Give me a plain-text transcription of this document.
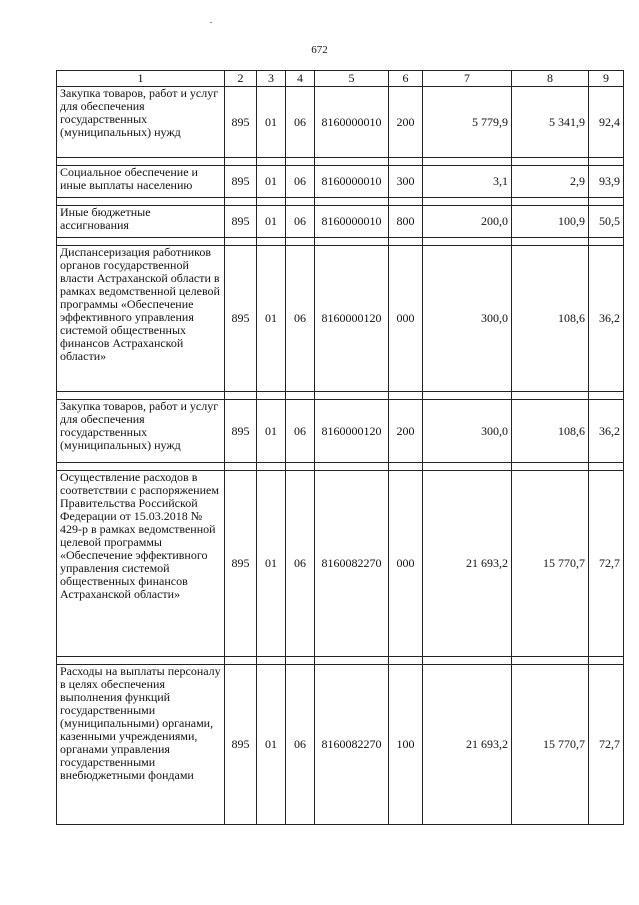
672
1	2	3	4	5	6	7	8	9
Закупка товаров, работ и услуг для обеспечения государственных (муниципальных) нужд	895	01	06	8160000010	200	5 779,9	5 341,9	92,4

Социальное обеспечение и иные выплаты населению	895	01	06	8160000010	300	3,1	2,9	93,9

Иные бюджетные ассигнования	895	01	06	8160000010	800	200,0	100,9	50,5

Диспансеризация работников органов государственной власти Астраханской области в рамках ведомственной целевой программы «Обеспечение эффективного управления системой общественных финансов Астраханской области»	895	01	06	8160000120	000	300,0	108,6	36,2

Закупка товаров, работ и услуг для обеспечения государственных (муниципальных) нужд	895	01	06	8160000120	200	300,0	108,6	36,2

Осуществление расходов в соответствии с распоряжением Правительства Российской Федерации от 15.03.2018 № 429-р в рамках ведомственной целевой программы «Обеспечение эффективного управления системой общественных финансов Астраханской области»	895	01	06	8160082270	000	21 693,2	15 770,7	72,7

Расходы на выплаты персоналу в целях обеспечения выполнения функций государственными (муниципальными) органами, казенными учреждениями, органами управления государственными внебюджетными фондами	895	01	06	8160082270	100	21 693,2	15 770,7	72,7
